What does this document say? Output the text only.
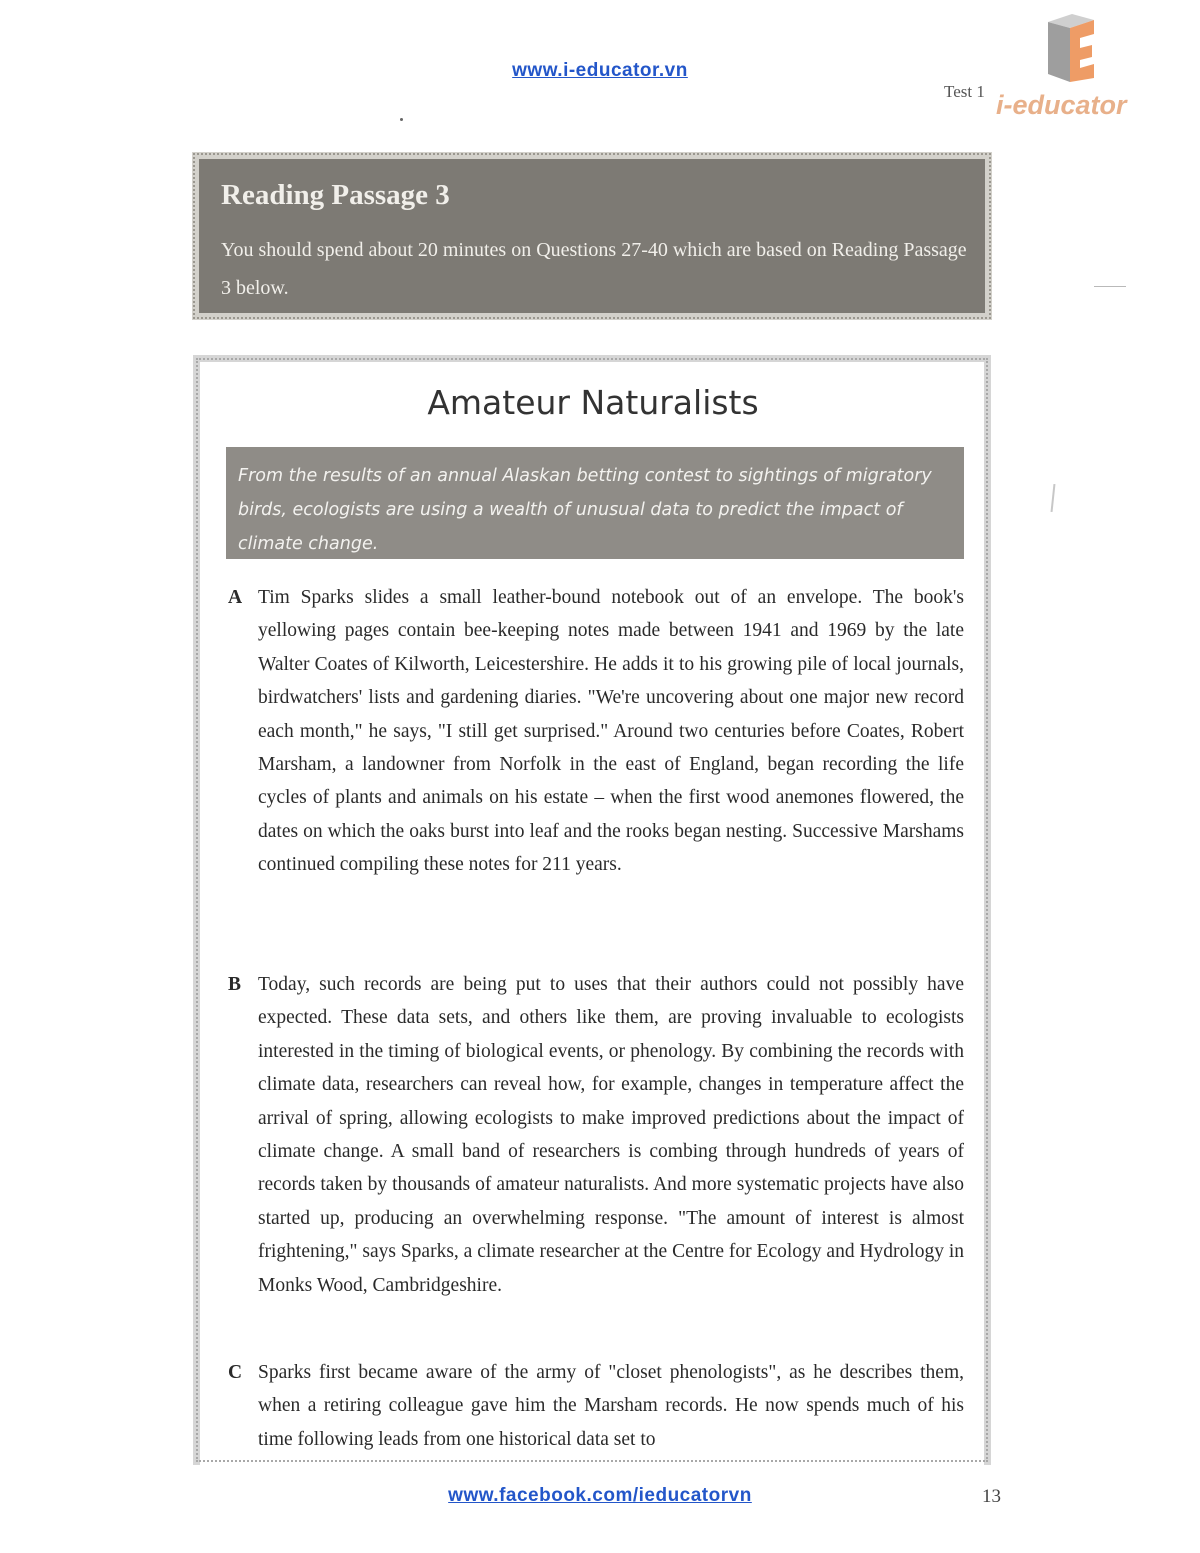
www.i-educator.vn
Test 1 i-educator
Reading Passage 3
You should spend about 20 minutes on Questions 27-40 which are based on Reading Passage 3 below.
Amateur Naturalists
From the results of an annual Alaskan betting contest to sightings of migratory birds, ecologists are using a wealth of unusual data to predict the impact of climate change.
A Tim Sparks slides a small leather-bound notebook out of an envelope. The book's yellowing pages contain bee-keeping notes made between 1941 and 1969 by the late Walter Coates of Kilworth, Leicestershire. He adds it to his growing pile of local journals, birdwatchers' lists and gardening diaries. "We're uncovering about one major new record each month," he says, "I still get surprised." Around two centuries before Coates, Robert Marsham, a landowner from Norfolk in the east of England, began recording the life cycles of plants and animals on his estate – when the first wood anemones flowered, the dates on which the oaks burst into leaf and the rooks began nesting. Successive Marshams continued compiling these notes for 211 years.
B Today, such records are being put to uses that their authors could not possibly have expected. These data sets, and others like them, are proving invaluable to ecologists interested in the timing of biological events, or phenology. By combining the records with climate data, researchers can reveal how, for example, changes in temperature affect the arrival of spring, allowing ecologists to make improved predictions about the impact of climate change. A small band of researchers is combing through hundreds of years of records taken by thousands of amateur naturalists. And more systematic projects have also started up, producing an overwhelming response. "The amount of interest is almost frightening," says Sparks, a climate researcher at the Centre for Ecology and Hydrology in Monks Wood, Cambridgeshire.
C Sparks first became aware of the army of "closet phenologists", as he describes them, when a retiring colleague gave him the Marsham records. He now spends much of his time following leads from one historical data set to
www.facebook.com/ieducatorvn	13
